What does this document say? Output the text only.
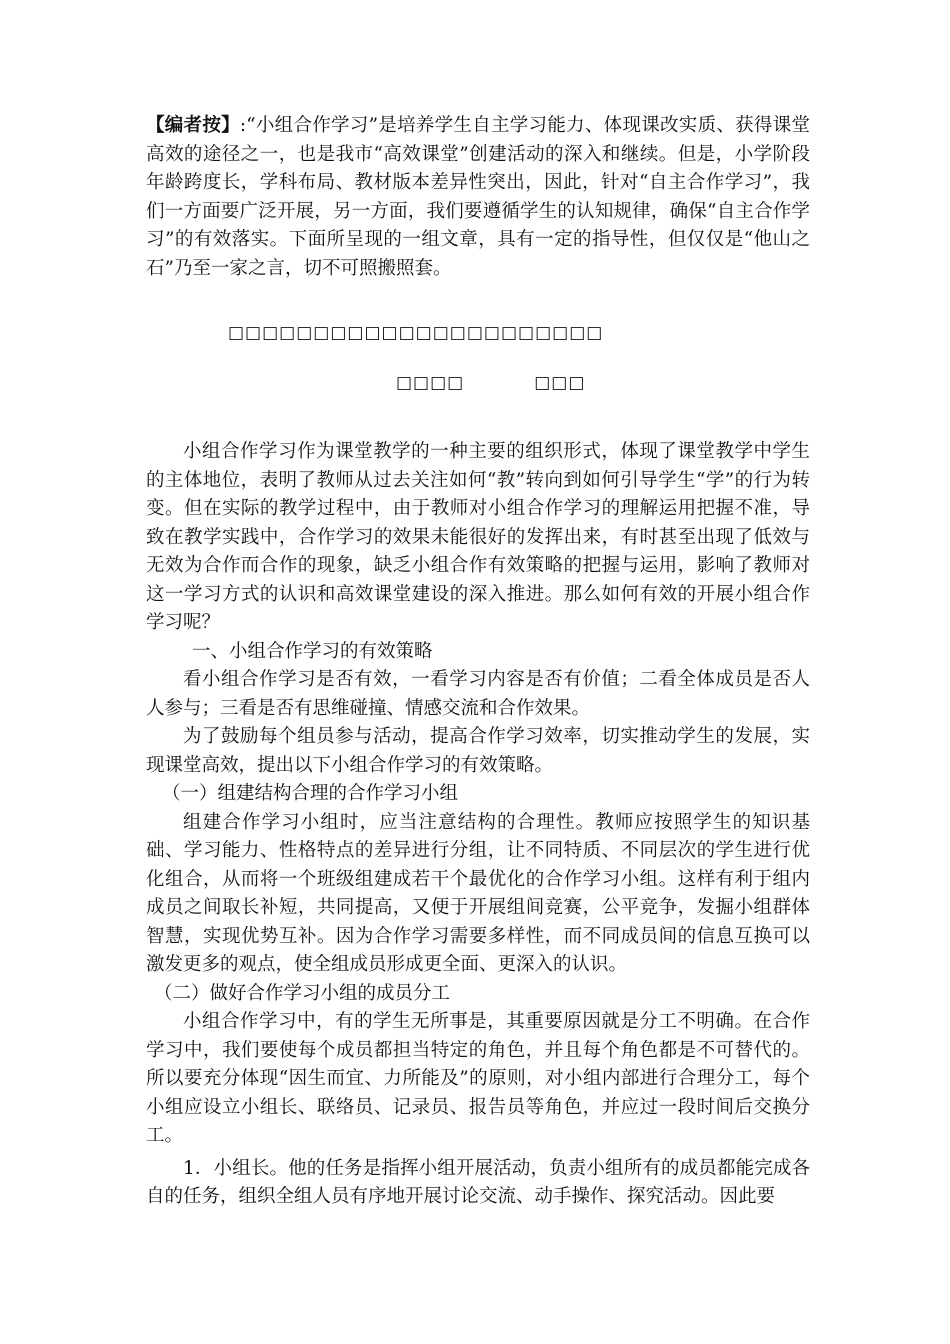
【编者按】:“小组合作学习”是培养学生自主学习能力、体现课改实质、获得课堂高效的途径之一，也是我市“高效课堂”创建活动的深入和继续。但是，小学阶段年龄跨度长，学科布局、教材版本差异性突出，因此，针对“自主合作学习”，我们一方面要广泛开展，另一方面，我们要遵循学生的认知规律，确保“自主合作学习”的有效落实。下面所呈现的一组文章，具有一定的指导性，但仅仅是“他山之石”乃至一家之言，切不可照搬照套。
□□□□□□□□□□□□□□□□□□□□□□
□□□□	□□□

小组合作学习作为课堂教学的一种主要的组织形式，体现了课堂教学中学生的主体地位，表明了教师从过去关注如何“教”转向到如何引导学生“学”的行为转变。但在实际的教学过程中，由于教师对小组合作学习的理解运用把握不准，导致在教学实践中，合作学习的效果未能很好的发挥出来，有时甚至出现了低效与无效为合作而合作的现象，缺乏小组合作有效策略的把握与运用，影响了教师对这一学习方式的认识和高效课堂建设的深入推进。那么如何有效的开展小组合作学习呢？

一、小组合作学习的有效策略

看小组合作学习是否有效，一看学习内容是否有价值；二看全体成员是否人人参与；三看是否有思维碰撞、情感交流和合作效果。

为了鼓励每个组员参与活动，提高合作学习效率，切实推动学生的发展，实现课堂高效，提出以下小组合作学习的有效策略。

（一）组建结构合理的合作学习小组

组建合作学习小组时，应当注意结构的合理性。教师应按照学生的知识基础、学习能力、性格特点的差异进行分组，让不同特质、不同层次的学生进行优化组合，从而将一个班级组建成若干个最优化的合作学习小组。这样有利于组内成员之间取长补短，共同提高，又便于开展组间竞赛，公平竞争，发掘小组群体智慧，实现优势互补。因为合作学习需要多样性，而不同成员间的信息互换可以激发更多的观点，使全组成员形成更全面、更深入的认识。

（二）做好合作学习小组的成员分工

小组合作学习中，有的学生无所事是，其重要原因就是分工不明确。在合作学习中，我们要使每个成员都担当特定的角色，并且每个角色都是不可替代的。所以要充分体现“因生而宜、力所能及”的原则，对小组内部进行合理分工，每个小组应设立小组长、联络员、记录员、报告员等角色，并应过一段时间后交换分工。

1．小组长。他的任务是指挥小组开展活动，负责小组所有的成员都能完成各自的任务，组织全组人员有序地开展讨论交流、动手操作、探究活动。因此要
